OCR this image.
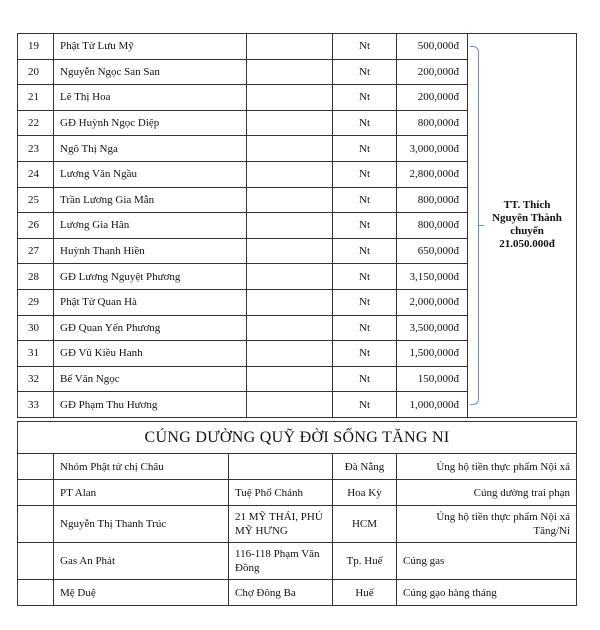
19	Phật Tử Lưu Mỹ		Nt	500,000đ	TT. Thích
Nguyên Thành
chuyển
21.050.000đ

20	Nguyễn Ngọc San San		Nt	200,000đ	
21	Lê Thị Hoa		Nt	200,000đ	
22	GĐ Huỳnh Ngọc Diệp		Nt	800,000đ	
23	Ngô Thị Nga		Nt	3,000,000đ	
24	Lương Văn Ngầu		Nt	2,800,000đ	
25	Trần Lương Gia Mẫn		Nt	800,000đ	
26	Lương Gia Hân		Nt	800,000đ	
27	Huỳnh Thanh Hiền		Nt	650,000đ	
28	GĐ Lương Nguyệt Phương		Nt	3,150,000đ	
29	Phật Tử Quan Hà		Nt	2,000,000đ	
30	GĐ Quan Yến Phương		Nt	3,500,000đ	
31	GĐ Vũ Kiều Hanh		Nt	1,500,000đ	
32	Bế Văn Ngọc		Nt	150,000đ	
33	GĐ Phạm Thu Hương		Nt	1,000,000đ	
CÚNG DƯỜNG QUỸ ĐỜI SỐNG TĂNG NI				
	Nhóm Phật tử chị Châu		Đà Nẵng	Ủng hộ tiền thực phẩm Nội xá
	PT Alan	Tuệ Phổ Chánh	Hoa Kỳ	Cúng dường trai phạn
	Nguyễn Thị Thanh Trúc	21 MỸ THÁI, PHÚ MỸ HƯNG	HCM	Ủng hộ tiền thực phẩm Nội xá Tăng/Ni
	Gas An Phát	116-118 Phạm Văn Đồng	Tp. Huế	Cúng gas
	Mệ Duệ	Chợ Đông Ba	Huế	Cúng gạo hàng tháng
